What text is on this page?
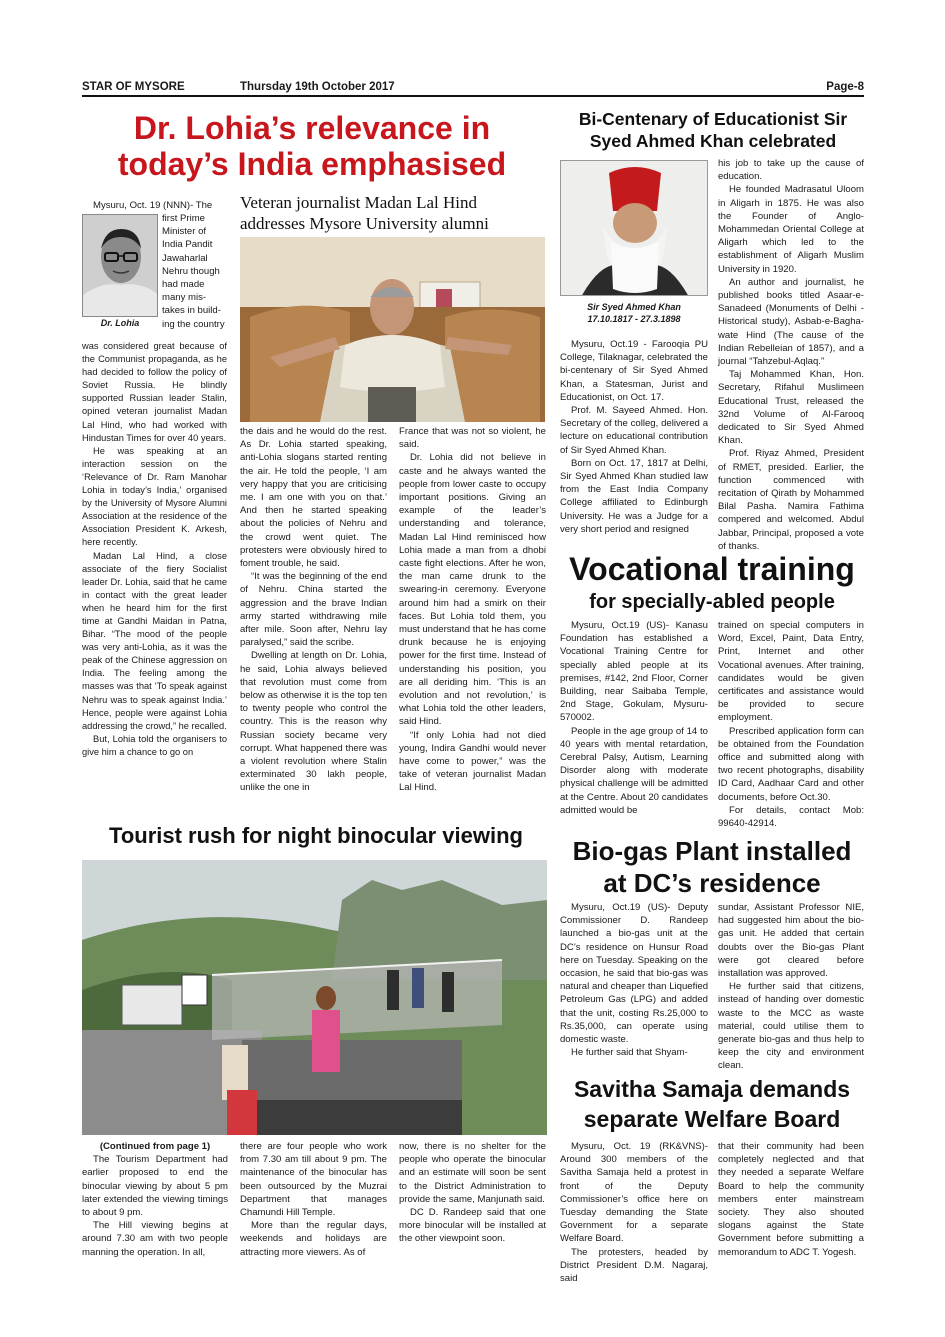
STAR OF MYSORE	Thursday 19th October 2017	Page-8
Dr. Lohia’s relevance in
today’s India emphasised
Veteran journalist Madan Lal Hind
addresses Mysore University alumni
Dr. Lohia
Mysuru, Oct. 19 (NNN)- The
first Prime
Minister of
India Pandit
Jawaharlal
Nehru though
had made
many mis-
takes in build-
ing the country

was considered great because of the Communist propaganda, as he had decided to follow the policy of Soviet Russia. He blindly supported Russian leader Stalin, opined veteran journalist Madan Lal Hind, who had worked with Hindustan Times for over 40 years.

He was speaking at an interaction session on the ‘Relevance of Dr. Ram Manohar Lohia in today’s India,’ organised by the University of Mysore Alumni Association at the residence of the Association President K. Arkesh, here recently.

Madan Lal Hind, a close associate of the fiery Socialist leader Dr. Lohia, said that he came in contact with the great leader when he heard him for the first time at Gandhi Maidan in Patna, Bihar. “The mood of the people was very anti-Lohia, as it was the peak of the Chinese aggression on India. The feeling among the masses was that ‘To speak against Nehru was to speak against India.’ Hence, people were against Lohia addressing the crowd,” he recalled.

But, Lohia told the organisers to give him a chance to go on

the dais and he would do the rest. As Dr. Lohia started speaking, anti-Lohia slogans started renting the air. He told the people, ‘I am very happy that you are criticising me. I am one with you on that.’ And then he started speaking about the policies of Nehru and the crowd went quiet. The protesters were obviously hired to foment trouble, he said.

“It was the beginning of the end of Nehru. China started the aggression and the brave Indian army started withdrawing mile after mile. Soon after, Nehru lay paralysed,” said the scribe.

Dwelling at length on Dr. Lohia, he said, Lohia always believed that revolution must come from below as otherwise it is the top ten to twenty people who control the country. This is the reason why Russian society became very corrupt. What happened there was a violent revolution where Stalin exterminated 30 lakh people, unlike the one in

France that was not so violent, he said.

Dr. Lohia did not believe in caste and he always wanted the people from lower caste to occupy important positions. Giving an example of the leader’s understanding and tolerance, Madan Lal Hind reminisced how Lohia made a man from a dhobi caste fight elections. After he won, the man came drunk to the swearing-in ceremony. Everyone around him had a smirk on their faces. But Lohia told them, you must understand that he has come drunk because he is enjoying power for the first time. Instead of understanding his position, you are all deriding him. ‘This is an evolution and not revolution,’ is what Lohia told the other leaders, said Hind.

“If only Lohia had not died young, Indira Gandhi would never have come to power,” was the take of veteran journalist Madan Lal Hind.

Bi-Centenary of Educationist Sir
Syed Ahmed Khan celebrated
Sir Syed Ahmed Khan
17.10.1817 - 27.3.1898

Mysuru, Oct.19 - Farooqia PU College, Tilaknagar, celebrated the bi-centenary of Sir Syed Ahmed Khan, a Statesman, Jurist and Educationist, on Oct. 17.

Prof. M. Sayeed Ahmed. Hon. Secretary of the colleg, delivered a lecture on educational contribution of Sir Syed Ahmed Khan.

Born on Oct. 17, 1817 at Delhi, Sir Syed Ahmed Khan studied law from the East India Company College affiliated to Edinburgh University. He was a Judge for a very short period and resigned

his job to take up the cause of education.

He founded Madrasatul Uloom in Aligarh in 1875. He was also the Founder of Anglo-Mohammedan Oriental College at Aligarh which led to the establishment of Aligarh Muslim University in 1920.

An author and journalist, he published books titled Asaar-e-Sanadeed (Monuments of Delhi - Historical study), Asbab-e-Bagha-wate Hind (The cause of the Indian Rebelleian of 1857), and a journal “Tahzebul-Aqlaq.”

Taj Mohammed Khan, Hon. Secretary, Rifahul Muslimeen Educational Trust, released the 32nd Volume of Al-Farooq dedicated to Sir Syed Ahmed Khan.

Prof. Riyaz Ahmed, President of RMET, presided. Earlier, the function commenced with recitation of Qirath by Mohammed Bilal Pasha. Namira Fathima compered and welcomed. Abdul Jabbar, Principal, proposed a vote of thanks.

Vocational training
for specially-abled people

Mysuru, Oct.19 (US)- Kanasu Foundation has established a Vocational Training Centre for specially abled people at its premises, #142, 2nd Floor, Corner Building, near Saibaba Temple, 2nd Stage, Gokulam, Mysuru-570002.

People in the age group of 14 to 40 years with mental retardation, Cerebral Palsy, Autism, Learning Disorder along with moderate physical challenge will be admitted at the Centre. About 20 candidates admitted would be

trained on special computers in Word, Excel, Paint, Data Entry, Print, Internet and other Vocational avenues. After training, candidates would be given certificates and assistance would be provided to secure employment.

Prescribed application form can be obtained from the Foundation office and submitted along with two recent photographs, disability ID Card, Aadhaar Card and other documents, before Oct.30.

For details, contact Mob: 99640-42914.

Tourist rush for night binocular viewing
(Continued from page 1)

The Tourism Department had earlier proposed to end the binocular viewing by about 5 pm later extended the viewing timings to about 9 pm.

The Hill viewing begins at around 7.30 am with two people manning the operation. In all,

there are four people who work from 7.30 am till about 9 pm. The maintenance of the binocular has been outsourced by the Muzrai Department that manages Chamundi Hill Temple.

More than the regular days, weekends and holidays are attracting more viewers. As of

now, there is no shelter for the people who operate the binocular and an estimate will soon be sent to the District Administration to provide the same, Manjunath said.

DC D. Randeep said that one more binocular will be installed at the other viewpoint soon.

Bio-gas Plant installed
at DC’s residence

Mysuru, Oct.19 (US)- Deputy Commissioner D. Randeep launched a bio-gas unit at the DC’s residence on Hunsur Road here on Tuesday. Speaking on the occasion, he said that bio-gas was natural and cheaper than Liquefied Petroleum Gas (LPG) and added that the unit, costing Rs.25,000 to Rs.35,000, can operate using domestic waste.

He further said that Shyam-

sundar, Assistant Professor NIE, had suggested him about the bio-gas unit. He added that certain doubts over the Bio-gas Plant were got cleared before installation was approved.

He further said that citizens, instead of handing over domestic waste to the MCC as waste material, could utilise them to generate bio-gas and thus help to keep the city and environment clean.

Savitha Samaja demands
separate Welfare Board

Mysuru, Oct. 19 (RK&VNS)- Around 300 members of the Savitha Samaja held a protest in front of the Deputy Commissioner’s office here on Tuesday demanding the State Government for a separate Welfare Board.

The protesters, headed by District President D.M. Nagaraj, said

that their community had been completely neglected and that they needed a separate Welfare Board to help the community members enter mainstream society. They also shouted slogans against the State Government before submitting a memorandum to ADC T. Yogesh.
